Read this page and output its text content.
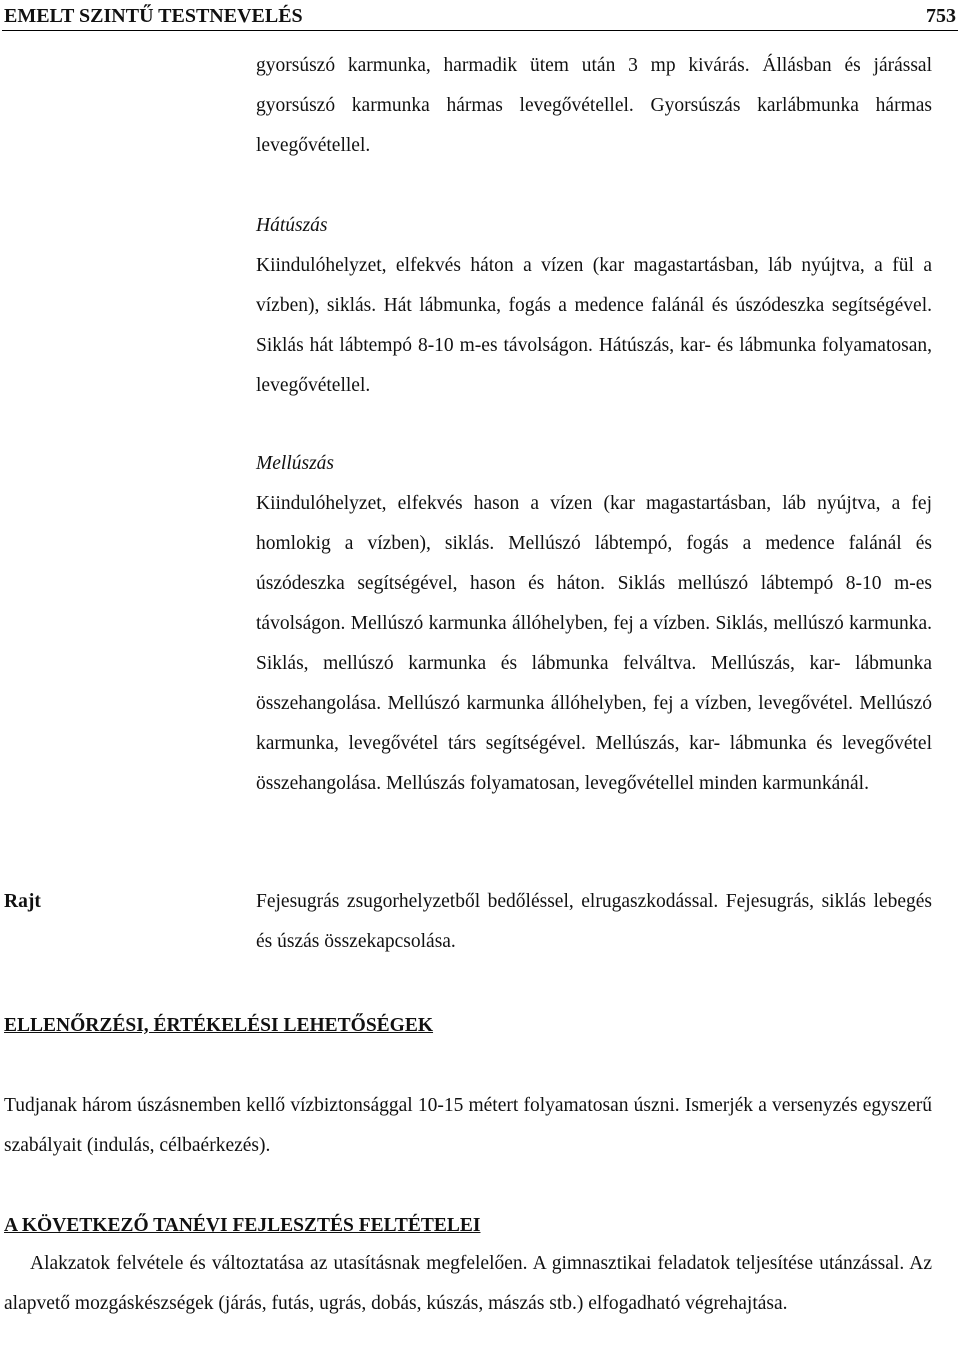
EMELT SZINTŰ TESTNEVELÉS	753
gyorsúszó karmunka, harmadik ütem után 3 mp kivárás. Állásban és járással gyorsúszó karmunka hármas levegővétellel. Gyorsúszás karlábmunka hármas levegővétellel.
Hátúszás
Kiindulóhelyzet, elfekvés háton a vízen (kar magastartásban, láb nyújtva, a fül a vízben), siklás. Hát lábmunka, fogás a medence falánál és úszódeszka segítségével. Siklás hát lábtempó 8-10 m-es távolságon. Hátúszás, kar- és lábmunka folyamatosan, levegővétellel.
Mellúszás
Kiindulóhelyzet, elfekvés hason a vízen (kar magastartásban, láb nyújtva, a fej homlokig a vízben), siklás. Mellúszó lábtempó, fogás a medence falánál és úszódeszka segítségével, hason és háton. Siklás mellúszó lábtempó 8-10 m-es távolságon. Mellúszó karmunka állóhelyben, fej a vízben. Siklás, mellúszó karmunka. Siklás, mellúszó karmunka és lábmunka felváltva. Mellúszás, kar- lábmunka összehangolása. Mellúszó karmunka állóhelyben, fej a vízben, levegővétel. Mellúszó karmunka, levegővétel társ segítségével. Mellúszás, kar- lábmunka és levegővétel összehangolása. Mellúszás folyamatosan, levegővétellel minden karmunkánál.
Rajt	Fejesugrás zsugorhelyzetből bedőléssel, elrugaszkodással. Fejesugrás, siklás lebegés és úszás összekapcsolása.
ELLENŐRZÉSI, ÉRTÉKELÉSI LEHETŐSÉGEK
Tudjanak három úszásnemben kellő vízbiztonsággal 10-15 métert folyamatosan úszni. Ismerjék a versenyzés egyszerű szabályait (indulás, célbaérkezés).
A KÖVETKEZŐ TANÉVI FEJLESZTÉS FELTÉTELEI
Alakzatok felvétele és változtatása az utasításnak megfelelően. A gimnasztikai feladatok teljesítése utánzással. Az alapvető mozgáskészségek (járás, futás, ugrás, dobás, kúszás, mászás stb.) elfogadható végrehajtása.
